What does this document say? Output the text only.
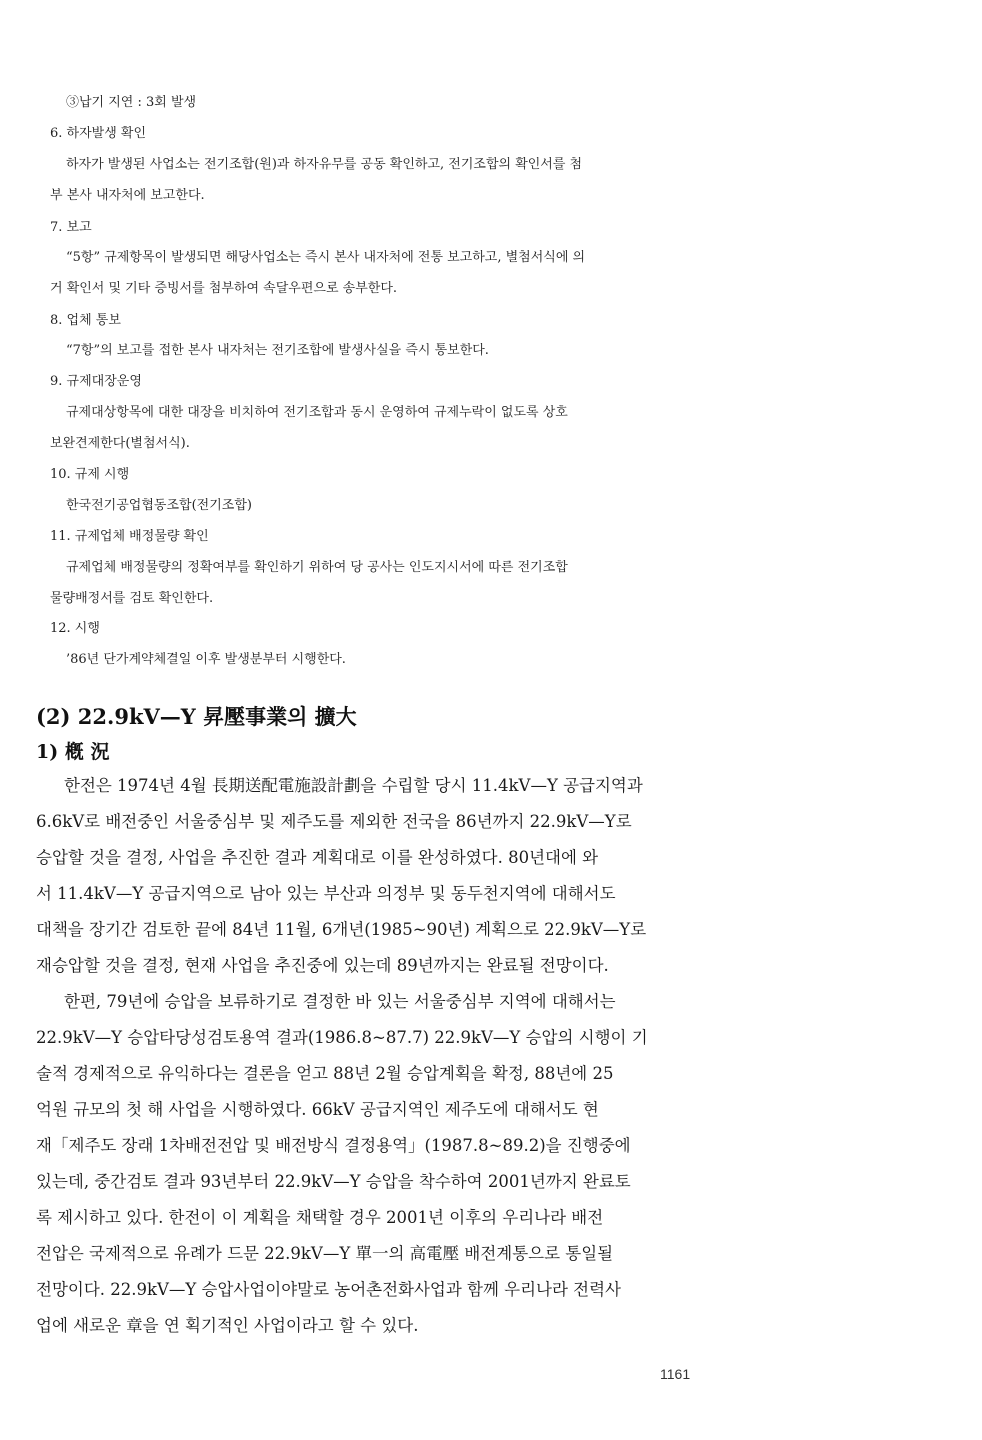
③납기 지연 : 3회 발생
6. 하자발생 확인
하자가 발생된 사업소는 전기조합(원)과 하자유무를 공동 확인하고, 전기조합의 확인서를 첨
부 본사 내자처에 보고한다.
7. 보고
“5항” 규제항목이 발생되면 해당사업소는 즉시 본사 내자처에 전통 보고하고, 별첨서식에 의
거 확인서 및 기타 증빙서를 첨부하여 속달우편으로 송부한다.
8. 업체 통보
“7항”의 보고를 접한 본사 내자처는 전기조합에 발생사실을 즉시 통보한다.
9. 규제대장운영
규제대상항목에 대한 대장을 비치하여 전기조합과 동시 운영하여 규제누락이 없도록 상호
보완견제한다(별첨서식).
10. 규제 시행
한국전기공업협동조합(전기조합)
11. 규제업체 배정물량 확인
규제업체 배정물량의 정확여부를 확인하기 위하여 당 공사는 인도지시서에 따른 전기조합
물량배정서를 검토 확인한다.
12. 시행
’86년 단가계약체결일 이후 발생분부터 시행한다.
(2) 22.9kV—Y 昇壓事業의 擴大
1) 槪 況
한전은 1974년 4월 長期送配電施設計劃을 수립할 당시 11.4kV—Y 공급지역과
6.6kV로 배전중인 서울중심부 및 제주도를 제외한 전국을 86년까지 22.9kV—Y로
승압할 것을 결정, 사업을 추진한 결과 계획대로 이를 완성하였다. 80년대에 와
서 11.4kV—Y 공급지역으로 남아 있는 부산과 의정부 및 동두천지역에 대해서도
대책을 장기간 검토한 끝에 84년 11월, 6개년(1985~90년) 계획으로 22.9kV—Y로
재승압할 것을 결정, 현재 사업을 추진중에 있는데 89년까지는 완료될 전망이다.
한편, 79년에 승압을 보류하기로 결정한 바 있는 서울중심부 지역에 대해서는
22.9kV—Y 승압타당성검토용역 결과(1986.8~87.7) 22.9kV—Y 승압의 시행이 기
술적 경제적으로 유익하다는 결론을 얻고 88년 2월 승압계획을 확정, 88년에 25
억원 규모의 첫 해 사업을 시행하였다. 66kV 공급지역인 제주도에 대해서도 현
재「제주도 장래 1차배전전압 및 배전방식 결정용역」(1987.8~89.2)을 진행중에
있는데, 중간검토 결과 93년부터 22.9kV—Y 승압을 착수하여 2001년까지 완료토
록 제시하고 있다. 한전이 이 계획을 채택할 경우 2001년 이후의 우리나라 배전
전압은 국제적으로 유례가 드문 22.9kV—Y 單一의 高電壓 배전계통으로 통일될
전망이다. 22.9kV—Y 승압사업이야말로 농어촌전화사업과 함께 우리나라 전력사
업에 새로운 章을 연 획기적인 사업이라고 할 수 있다.
1161
